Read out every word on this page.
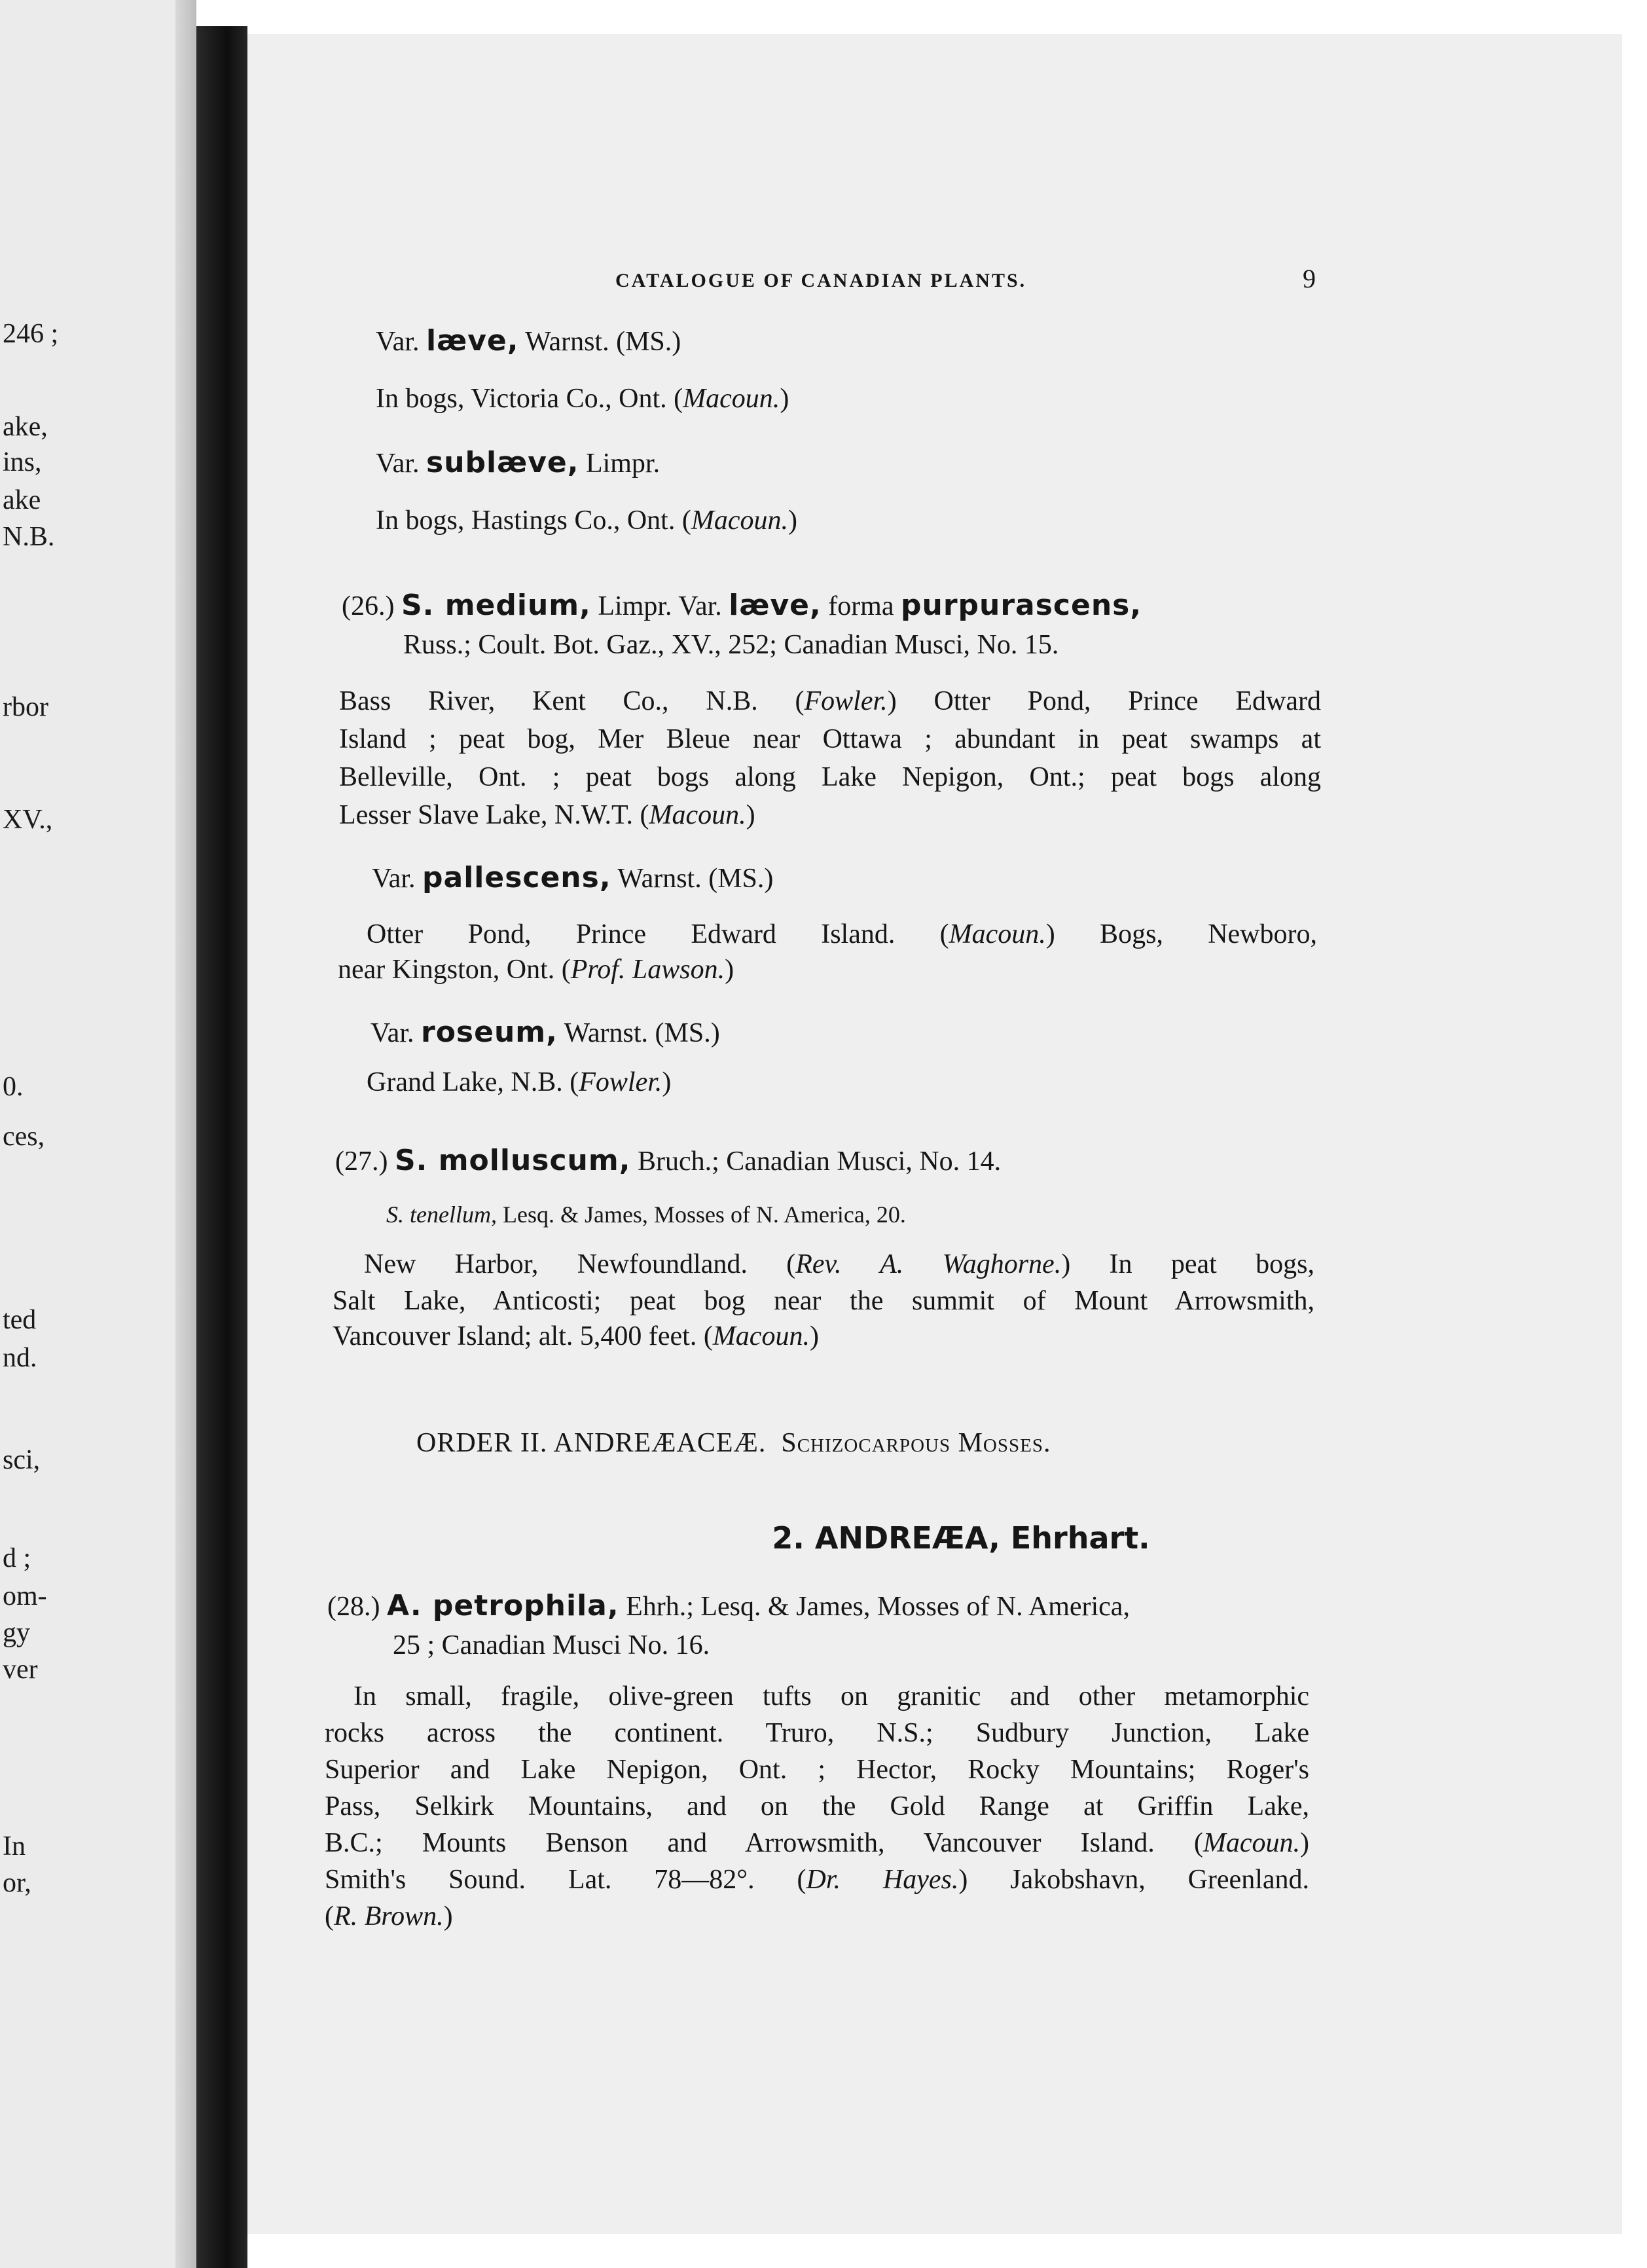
246 ;
ake,
ins,
ake
N.B.
rbor
XV.,
0.
ces,
ted
nd.
sci,
d ;
om-
gy
ver
In
or,
CATALOGUE OF CANADIAN PLANTS.	9
Var. læve, Warnst. (MS.)
In bogs, Victoria Co., Ont. (Macoun.)
Var. sublæve, Limpr.
In bogs, Hastings Co., Ont. (Macoun.)
(26.) S. medium, Limpr. Var. læve, forma purpurascens,
Russ.; Coult. Bot. Gaz., XV., 252; Canadian Musci, No. 15.
Bass River, Kent Co., N.B. (Fowler.) Otter Pond, Prince Edward
Island ; peat bog, Mer Bleue near Ottawa ; abundant in peat swamps at
Belleville, Ont. ; peat bogs along Lake Nepigon, Ont.; peat bogs along
Lesser Slave Lake, N.W.T. (Macoun.)
Var. pallescens, Warnst. (MS.)
Otter Pond, Prince Edward Island. (Macoun.) Bogs, Newboro,
near Kingston, Ont. (Prof. Lawson.)
Var. roseum, Warnst. (MS.)
Grand Lake, N.B. (Fowler.)
(27.) S. molluscum, Bruch.; Canadian Musci, No. 14.
S. tenellum, Lesq. & James, Mosses of N. America, 20.
New Harbor, Newfoundland. (Rev. A. Waghorne.) In peat bogs,
Salt Lake, Anticosti; peat bog near the summit of Mount Arrowsmith,
Vancouver Island; alt. 5,400 feet. (Macoun.)
ORDER II. ANDREÆACEÆ. Schizocarpous Mosses.
2. ANDREÆA, Ehrhart.
(28.) A. petrophila, Ehrh.; Lesq. & James, Mosses of N. America,
25 ; Canadian Musci No. 16.
In small, fragile, olive-green tufts on granitic and other metamorphic
rocks across the continent. Truro, N.S.; Sudbury Junction, Lake
Superior and Lake Nepigon, Ont. ; Hector, Rocky Mountains; Roger's
Pass, Selkirk Mountains, and on the Gold Range at Griffin Lake,
B.C.; Mounts Benson and Arrowsmith, Vancouver Island. (Macoun.)
Smith's Sound. Lat. 78—82°. (Dr. Hayes.) Jakobshavn, Greenland.
(R. Brown.)
